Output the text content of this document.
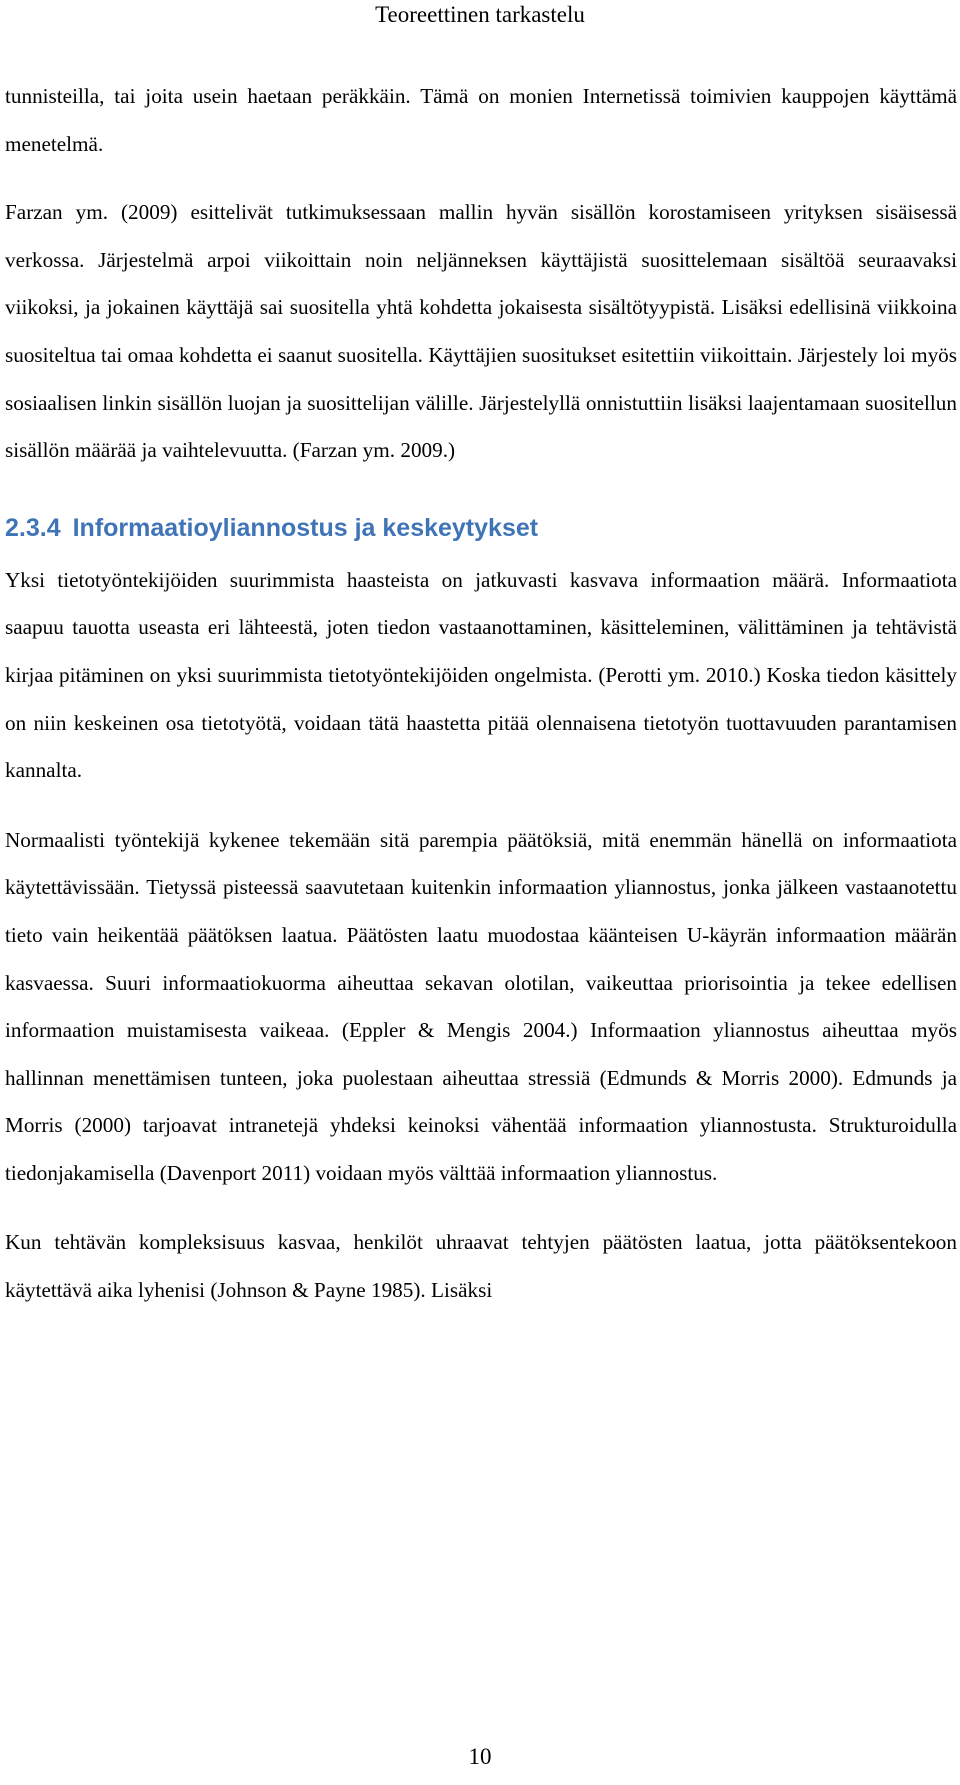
Teoreettinen tarkastelu

tunnisteilla, tai joita usein haetaan peräkkäin. Tämä on monien Internetissä toimivien kauppojen käyttämä menetelmä.

Farzan ym. (2009) esittelivät tutkimuksessaan mallin hyvän sisällön korostamiseen yrityksen sisäisessä verkossa. Järjestelmä arpoi viikoittain noin neljänneksen käyttäjistä suosittelemaan sisältöä seuraavaksi viikoksi, ja jokainen käyttäjä sai suositella yhtä kohdetta jokaisesta sisältötyypistä. Lisäksi edellisinä viikkoina suositeltua tai omaa kohdetta ei saanut suositella. Käyttäjien suositukset esitettiin viikoittain. Järjestely loi myös sosiaalisen linkin sisällön luojan ja suosittelijan välille. Järjestelyllä onnistuttiin lisäksi laajentamaan suositellun sisällön määrää ja vaihtelevuutta. (Farzan ym. 2009.)

2.3.4 Informaatioyliannostus ja keskeytykset

Yksi tietotyöntekijöiden suurimmista haasteista on jatkuvasti kasvava informaation määrä. Informaatiota saapuu tauotta useasta eri lähteestä, joten tiedon vastaanottaminen, käsitteleminen, välittäminen ja tehtävistä kirjaa pitäminen on yksi suurimmista tietotyöntekijöiden ongelmista. (Perotti ym. 2010.) Koska tiedon käsittely on niin keskeinen osa tietotyötä, voidaan tätä haastetta pitää olennaisena tietotyön tuottavuuden parantamisen kannalta.

Normaalisti työntekijä kykenee tekemään sitä parempia päätöksiä, mitä enemmän hänellä on informaatiota käytettävissään. Tietyssä pisteessä saavutetaan kuitenkin informaation yliannostus, jonka jälkeen vastaanotettu tieto vain heikentää päätöksen laatua. Päätösten laatu muodostaa käänteisen U-käyrän informaation määrän kasvaessa. Suuri informaatiokuorma aiheuttaa sekavan olotilan, vaikeuttaa priorisointia ja tekee edellisen informaation muistamisesta vaikeaa. (Eppler & Mengis 2004.) Informaation yliannostus aiheuttaa myös hallinnan menettämisen tunteen, joka puolestaan aiheuttaa stressiä (Edmunds & Morris 2000). Edmunds ja Morris (2000) tarjoavat intranetejä yhdeksi keinoksi vähentää informaation yliannostusta. Strukturoidulla tiedonjakamisella (Davenport 2011) voidaan myös välttää informaation yliannostus.

Kun tehtävän kompleksisuus kasvaa, henkilöt uhraavat tehtyjen päätösten laatua, jotta päätöksentekoon käytettävä aika lyhenisi (Johnson & Payne 1985). Lisäksi

10
